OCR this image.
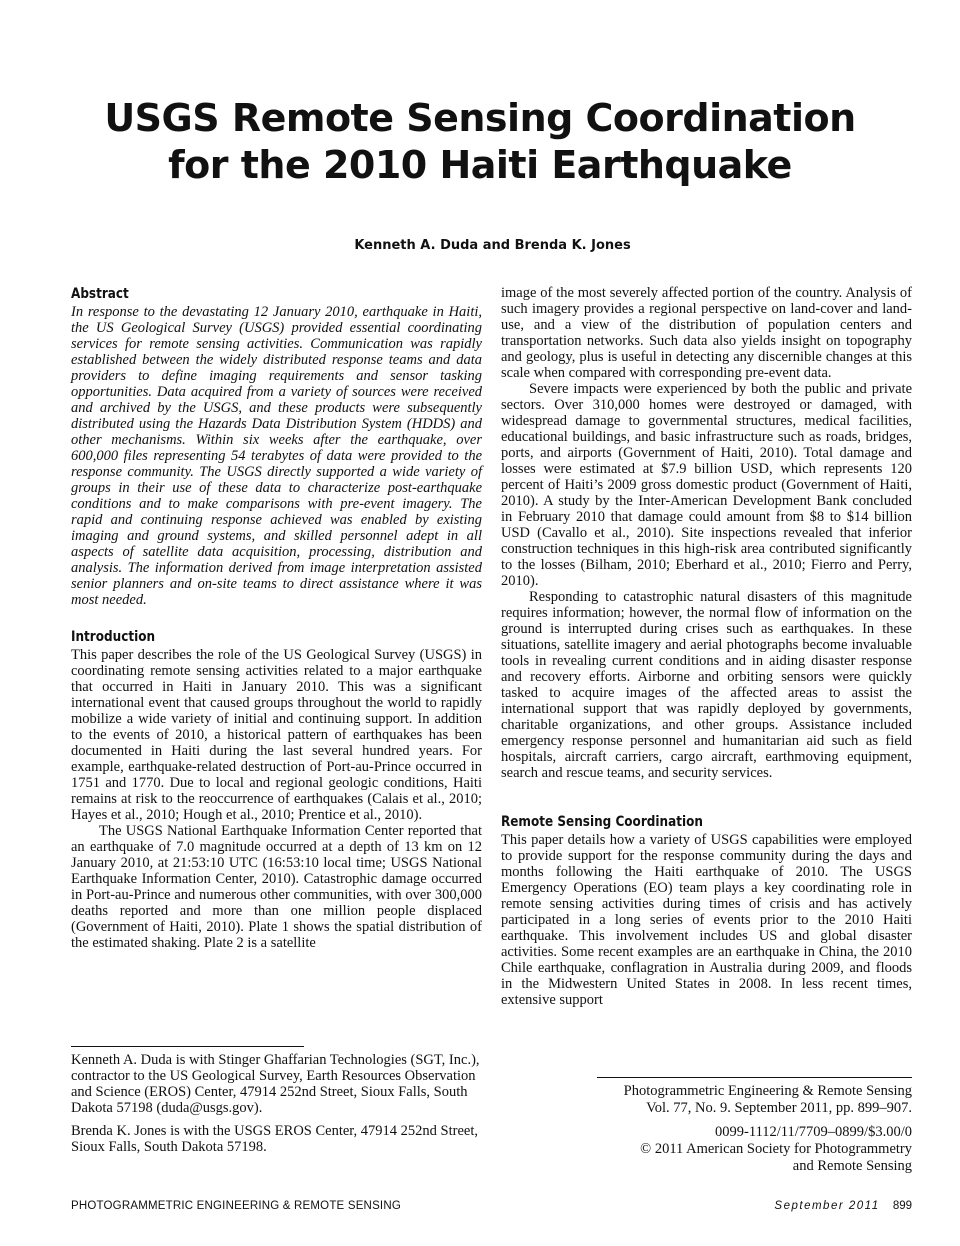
USGS Remote Sensing Coordination
for the 2010 Haiti Earthquake
Kenneth A. Duda and Brenda K. Jones
Abstract

In response to the devastating 12 January 2010, earthquake in Haiti, the US Geological Survey (USGS) provided essential coordinating services for remote sensing activities. Communication was rapidly established between the widely distributed response teams and data providers to define imaging requirements and sensor tasking opportunities. Data acquired from a variety of sources were received and archived by the USGS, and these products were subsequently distributed using the Hazards Data Distribution System (HDDS) and other mechanisms. Within six weeks after the earthquake, over 600,000 files representing 54 terabytes of data were provided to the response community. The USGS directly supported a wide variety of groups in their use of these data to characterize post-earthquake conditions and to make comparisons with pre-event imagery. The rapid and continuing response achieved was enabled by existing imaging and ground systems, and skilled personnel adept in all aspects of satellite data acquisition, processing, distribution and analysis. The information derived from image interpretation assisted senior planners and on-site teams to direct assistance where it was most needed.

Introduction

This paper describes the role of the US Geological Survey (USGS) in coordinating remote sensing activities related to a major earthquake that occurred in Haiti in January 2010. This was a significant international event that caused groups throughout the world to rapidly mobilize a wide variety of initial and continuing support. In addition to the events of 2010, a historical pattern of earthquakes has been documented in Haiti during the last several hundred years. For example, earthquake-related destruction of Port-au-Prince occurred in 1751 and 1770. Due to local and regional geologic conditions, Haiti remains at risk to the reoccurrence of earthquakes (Calais et al., 2010; Hayes et al., 2010; Hough et al., 2010; Prentice et al., 2010).

The USGS National Earthquake Information Center reported that an earthquake of 7.0 magnitude occurred at a depth of 13 km on 12 January 2010, at 21:53:10 UTC (16:53:10 local time; USGS National Earthquake Information Center, 2010). Catastrophic damage occurred in Port-au-Prince and numerous other communities, with over 300,000 deaths reported and more than one million people displaced (Government of Haiti, 2010). Plate 1 shows the spatial distribution of the estimated shaking. Plate 2 is a satellite

image of the most severely affected portion of the country. Analysis of such imagery provides a regional perspective on land-cover and land-use, and a view of the distribution of population centers and transportation networks. Such data also yields insight on topography and geology, plus is useful in detecting any discernible changes at this scale when compared with corresponding pre-event data.

Severe impacts were experienced by both the public and private sectors. Over 310,000 homes were destroyed or damaged, with widespread damage to governmental structures, medical facilities, educational buildings, and basic infrastructure such as roads, bridges, ports, and airports (Government of Haiti, 2010). Total damage and losses were estimated at $7.9 billion USD, which represents 120 percent of Haiti’s 2009 gross domestic product (Government of Haiti, 2010). A study by the Inter-American Development Bank concluded in February 2010 that damage could amount from $8 to $14 billion USD (Cavallo et al., 2010). Site inspections revealed that inferior construction techniques in this high-risk area contributed significantly to the losses (Bilham, 2010; Eberhard et al., 2010; Fierro and Perry, 2010).

Responding to catastrophic natural disasters of this magnitude requires information; however, the normal flow of information on the ground is interrupted during crises such as earthquakes. In these situations, satellite imagery and aerial photographs become invaluable tools in revealing current conditions and in aiding disaster response and recovery efforts. Airborne and orbiting sensors were quickly tasked to acquire images of the affected areas to assist the international support that was rapidly deployed by governments, charitable organizations, and other groups. Assistance included emergency response personnel and humanitarian aid such as field hospitals, aircraft carriers, cargo aircraft, earthmoving equipment, search and rescue teams, and security services.

Remote Sensing Coordination

This paper details how a variety of USGS capabilities were employed to provide support for the response community during the days and months following the Haiti earthquake of 2010. The USGS Emergency Operations (EO) team plays a key coordinating role in remote sensing activities during times of crisis and has actively participated in a long series of events prior to the 2010 Haiti earthquake. This involvement includes US and global disaster activities. Some recent examples are an earthquake in China, the 2010 Chile earthquake, conflagration in Australia during 2009, and floods in the Midwestern United States in 2008. In less recent times, extensive support

Kenneth A. Duda is with Stinger Ghaffarian Technologies (SGT, Inc.), contractor to the US Geological Survey, Earth Resources Observation and Science (EROS) Center, 47914 252nd Street, Sioux Falls, South Dakota 57198 (duda@usgs.gov).

Brenda K. Jones is with the USGS EROS Center, 47914 252nd Street, Sioux Falls, South Dakota 57198.

Photogrammetric Engineering & Remote Sensing
Vol. 77, No. 9. September 2011, pp. 899–907.
0099-1112/11/7709–0899/$3.00/0
© 2011 American Society for Photogrammetry
and Remote Sensing
PHOTOGRAMMETRIC ENGINEERING & REMOTE SENSING	September 2011 899
